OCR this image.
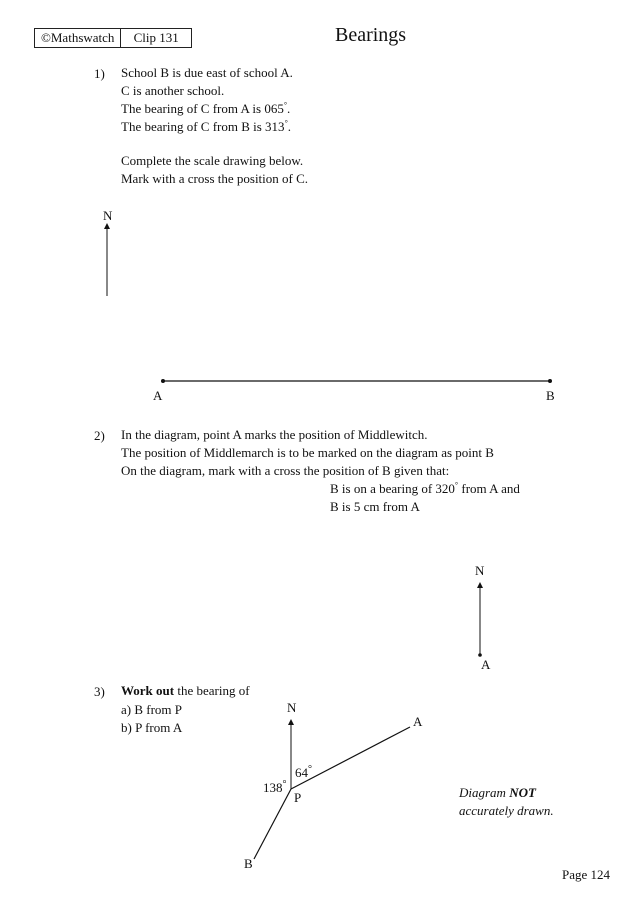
©Mathswatch	Clip 131	Bearings
1) School B is due east of school A.
C is another school.
The bearing of C from A is 065°.
The bearing of C from B is 313°.
Complete the scale drawing below.
Mark with a cross the position of C.
N
A	B
2) In the diagram, point A marks the position of Middlewitch.
The position of Middlemarch is to be marked on the diagram as point B
On the diagram, mark with a cross the position of B given that:
B is on a bearing of 320° from A and
B is 5 cm from A
N
A
3) Work out the bearing of
a) B from P
b) P from A
N
A
P
B
64°
138°
Diagram NOT
accurately drawn.
Page 124
